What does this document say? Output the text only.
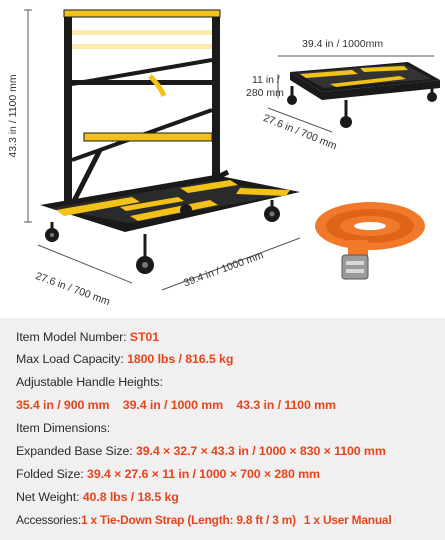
43.3 in / 1100 mm
27.6 in / 700 mm	39.4 in / 1000 mm
39.4 in / 1000mm
11 in /
280 mm
27.6 in / 700 mm
Item Model Number: ST01
Max Load Capacity: 1800 lbs / 816.5 kg
Adjustable Handle Heights:
35.4 in / 900 mm 39.4 in / 1000 mm 43.3 in / 1100 mm
Item Dimensions:
Expanded Base Size: 39.4 × 32.7 × 43.3 in / 1000 × 830 × 1100 mm
Folded Size: 39.4 × 27.6 × 11 in / 1000 × 700 × 280 mm
Net Weight: 40.8 lbs / 18.5 kg
Accessories:1 x Tie-Down Strap (Length: 9.8 ft / 3 m) 1 x User Manual
